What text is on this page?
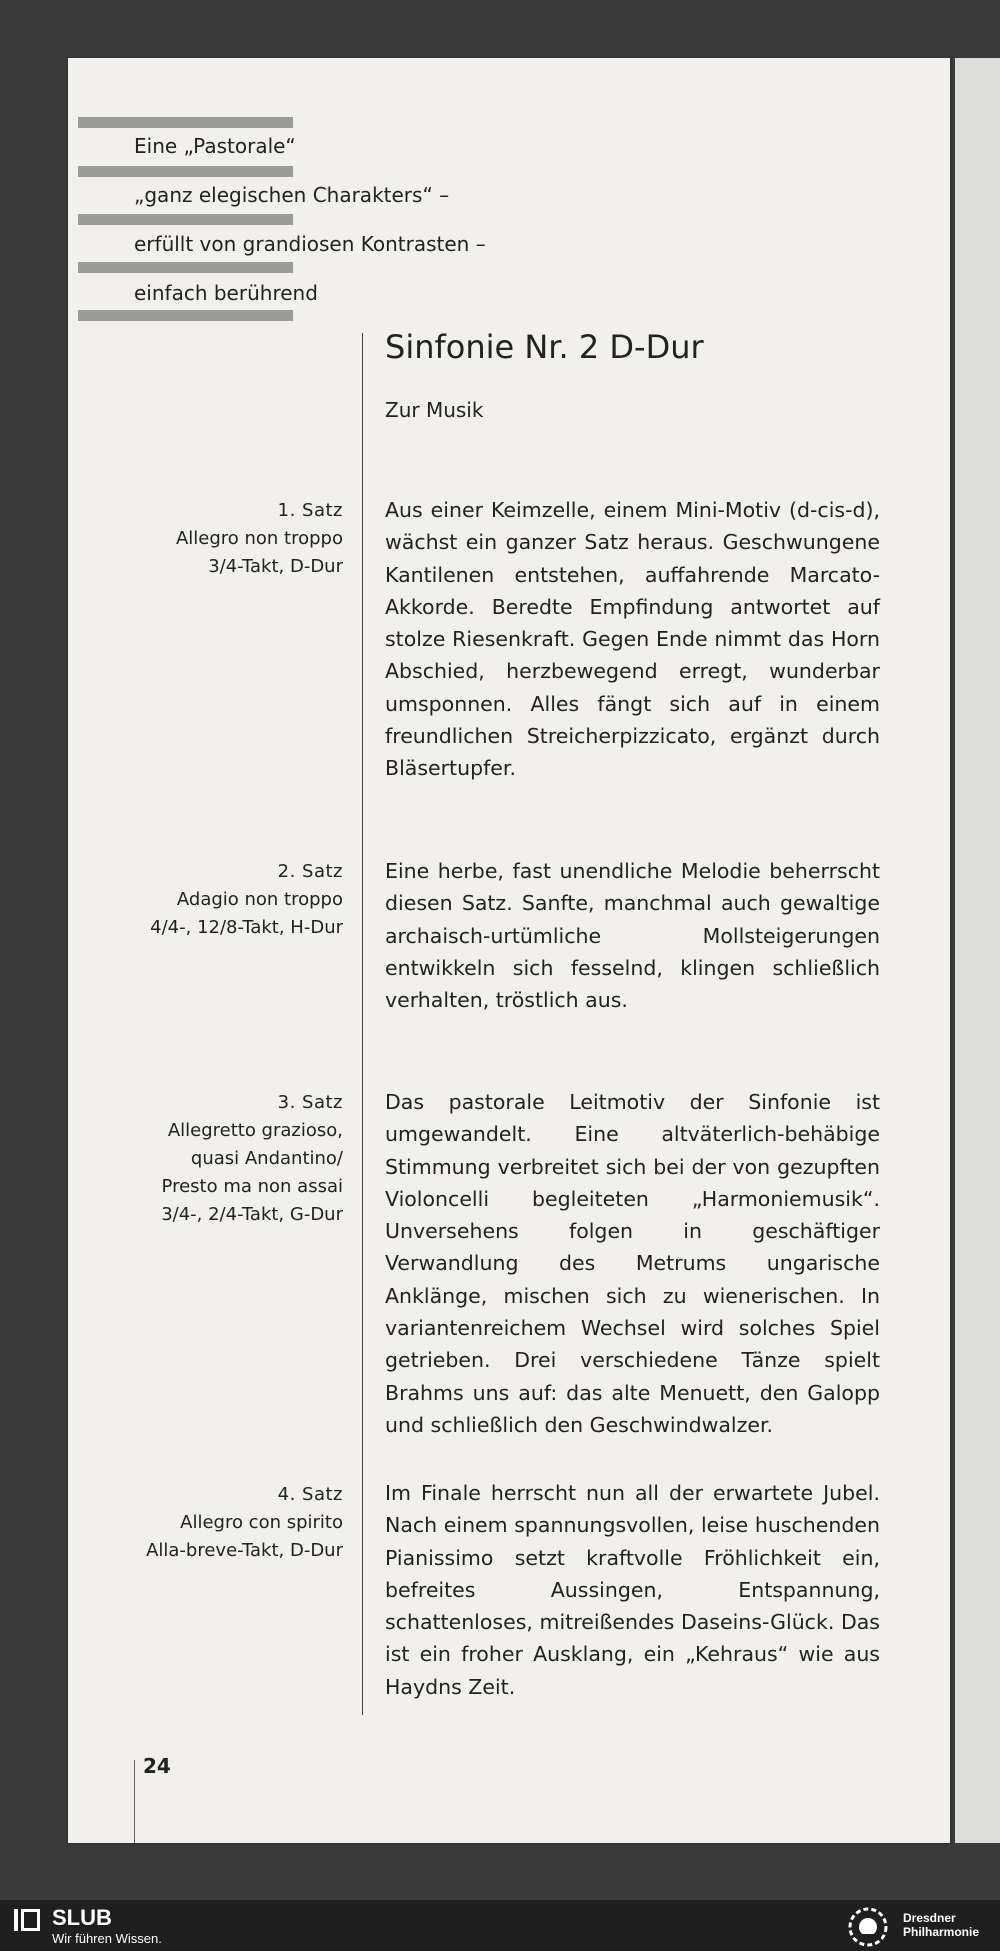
Eine „Pastorale“
„ganz elegischen Charakters“ –
erfüllt von grandiosen Kontrasten –
einfach berührend
Sinfonie Nr. 2 D-Dur
Zur Musik
1. Satz
Allegro non troppo
3/4-Takt, D-Dur
Aus einer Keimzelle, einem Mini-Motiv (d-cis-d), wächst ein ganzer Satz heraus. Geschwungene Kantilenen entstehen, auffahrende Marcato-Akkorde. Beredte Empfindung antwortet auf stolze Riesenkraft. Gegen Ende nimmt das Horn Abschied, herzbewegend erregt, wunderbar umsponnen. Alles fängt sich auf in einem freundlichen Streicherpizzicato, ergänzt durch Bläsertupfer.
2. Satz
Adagio non troppo
4/4-, 12/8-Takt, H-Dur
Eine herbe, fast unendliche Melodie beherrscht diesen Satz. Sanfte, manchmal auch gewaltige archaisch-urtümliche Mollsteigerungen entwikkeln sich fesselnd, klingen schließlich verhalten, tröstlich aus.
3. Satz
Allegretto grazioso,
quasi Andantino/
Presto ma non assai
3/4-, 2/4-Takt, G-Dur
Das pastorale Leitmotiv der Sinfonie ist umgewandelt. Eine altväterlich-behäbige Stimmung verbreitet sich bei der von gezupften Violoncelli begleiteten „Harmoniemusik“. Unversehens folgen in geschäftiger Verwandlung des Metrums ungarische Anklänge, mischen sich zu wienerischen. In variantenreichem Wechsel wird solches Spiel getrieben. Drei verschiedene Tänze spielt Brahms uns auf: das alte Menuett, den Galopp und schließlich den Geschwindwalzer.
4. Satz
Allegro con spirito
Alla-breve-Takt, D-Dur
Im Finale herrscht nun all der erwartete Jubel. Nach einem spannungsvollen, leise huschenden Pianissimo setzt kraftvolle Fröhlichkeit ein, befreites Aussingen, Entspannung, schattenloses, mitreißendes Daseins-Glück. Das ist ein froher Ausklang, ein „Kehraus“ wie aus Haydns Zeit.
24
SLUB
Wir führen Wissen.
Dresdner
Philharmonie
